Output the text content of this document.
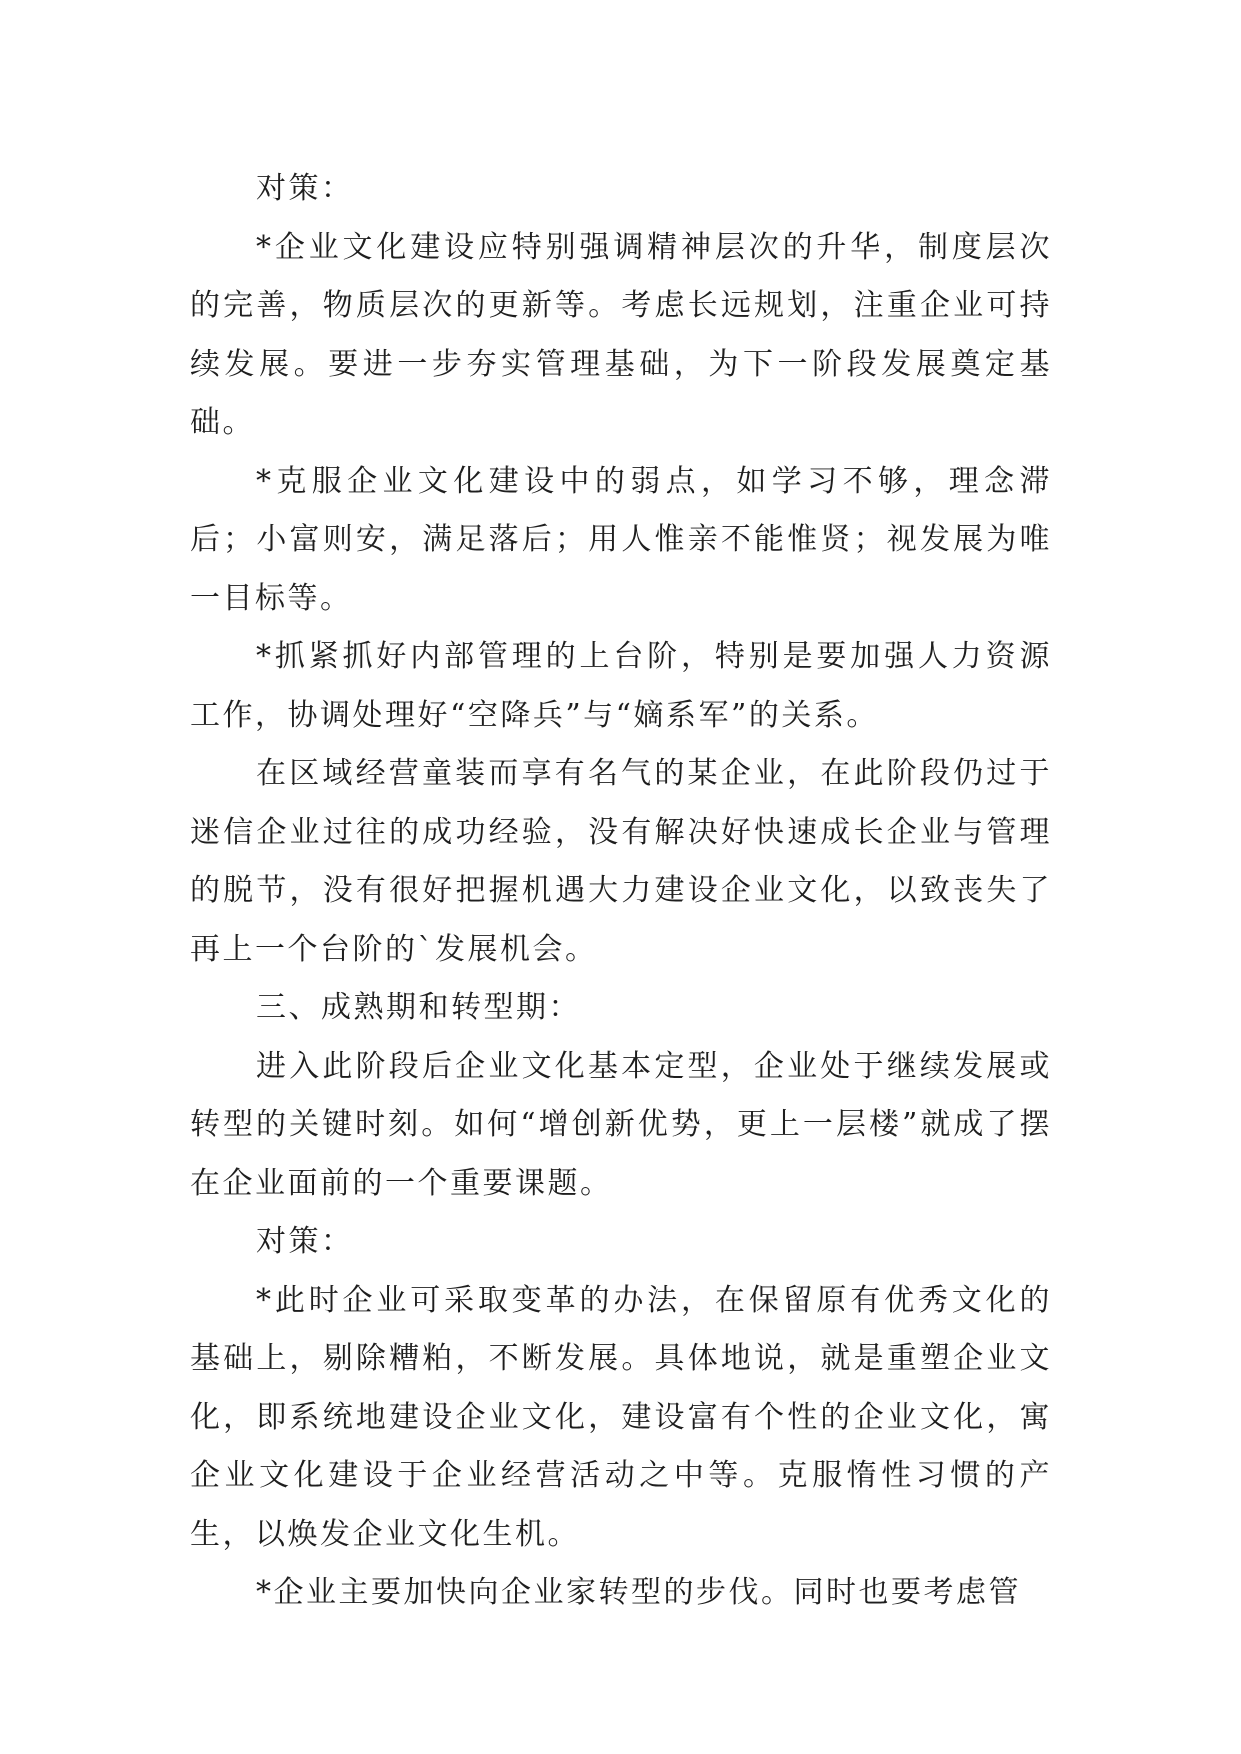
对策：

*企业文化建设应特别强调精神层次的升华，制度层次的完善，物质层次的更新等。考虑长远规划，注重企业可持续发展。要进一步夯实管理基础，为下一阶段发展奠定基础。

*克服企业文化建设中的弱点，如学习不够，理念滞后；小富则安，满足落后；用人惟亲不能惟贤；视发展为唯一目标等。

*抓紧抓好内部管理的上台阶，特别是要加强人力资源工作，协调处理好“空降兵”与“嫡系军”的关系。

在区域经营童装而享有名气的某企业，在此阶段仍过于迷信企业过往的成功经验，没有解决好快速成长企业与管理的脱节，没有很好把握机遇大力建设企业文化，以致丧失了再上一个台阶的`发展机会。

三、成熟期和转型期：

进入此阶段后企业文化基本定型，企业处于继续发展或转型的关键时刻。如何“增创新优势，更上一层楼”就成了摆在企业面前的一个重要课题。

对策：

*此时企业可采取变革的办法，在保留原有优秀文化的基础上，剔除糟粕，不断发展。具体地说，就是重塑企业文化，即系统地建设企业文化，建设富有个性的企业文化，寓企业文化建设于企业经营活动之中等。克服惰性习惯的产生，以焕发企业文化生机。

*企业主要加快向企业家转型的步伐。同时也要考虑管
